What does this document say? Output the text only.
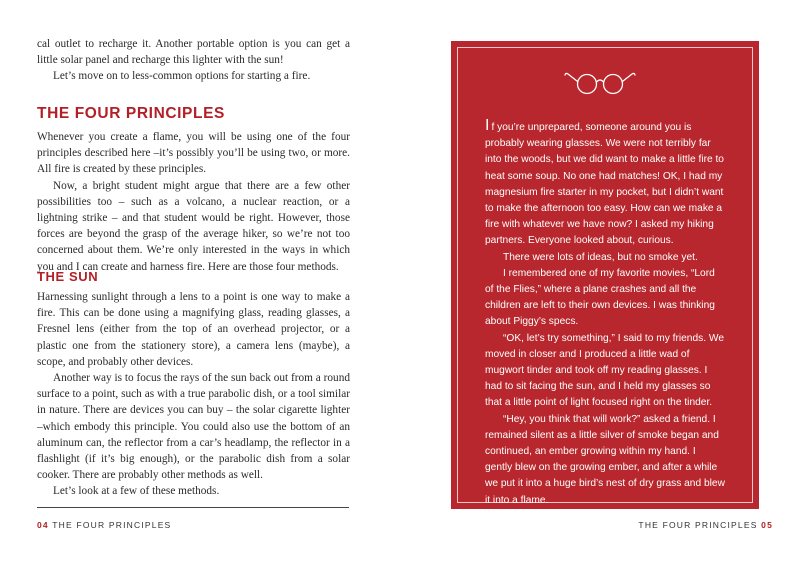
cal outlet to recharge it. Another portable option is you can get a little solar panel and recharge this lighter with the sun!

Let’s move on to less-common options for starting a fire.

THE FOUR PRINCIPLES

Whenever you create a flame, you will be using one of the four principles described here –it’s possibly you’ll be using two, or more. All fire is created by these principles.

Now, a bright student might argue that there are a few other possibilities too – such as a volcano, a nuclear reaction, or a lightning strike – and that student would be right. However, those forces are beyond the grasp of the average hiker, so we’re not too concerned about them. We’re only interested in the ways in which you and I can create and harness fire. Here are those four methods.

THE SUN

Harnessing sunlight through a lens to a point is one way to make a fire. This can be done using a magnifying glass, reading glasses, a Fresnel lens (either from the top of an overhead projector, or a plastic one from the stationery store), a camera lens (maybe), a scope, and probably other devices.

Another way is to focus the rays of the sun back out from a round surface to a point, such as with a true parabolic dish, or a tool similar in nature. There are devices you can buy – the solar cigarette lighter –which embody this principle. You could also use the bottom of an aluminum can, the reflector from a car’s headlamp, the reflector in a flashlight (if it’s big enough), or the parabolic dish from a solar cooker. There are probably other methods as well.

Let’s look at a few of these methods.

04 THE FOUR PRINCIPLES

If you’re unprepared, someone around you is probably wearing glasses. We were not terribly far into the woods, but we did want to make a little fire to heat some soup. No one had matches! OK, I had my magnesium fire starter in my pocket, but I didn’t want to make the afternoon too easy. How can we make a fire with whatever we have now? I asked my hiking partners. Everyone looked about, curious.

There were lots of ideas, but no smoke yet.

I remembered one of my favorite movies, “Lord of the Flies,” where a plane crashes and all the children are left to their own devices. I was thinking about Piggy’s specs.

“OK, let’s try something,” I said to my friends. We moved in closer and I produced a little wad of mugwort tinder and took off my reading glasses. I had to sit facing the sun, and I held my glasses so that a little point of light focused right on the tinder.

“Hey, you think that will work?” asked a friend. I remained silent as a little silver of smoke began and continued, an ember growing within my hand. I gently blew on the growing ember, and after a while we put it into a huge bird’s nest of dry grass and blew it into a flame.

As we enjoyed our warm soup, my friend declared, “well, that’s a new one on me!”

THE FOUR PRINCIPLES 05
